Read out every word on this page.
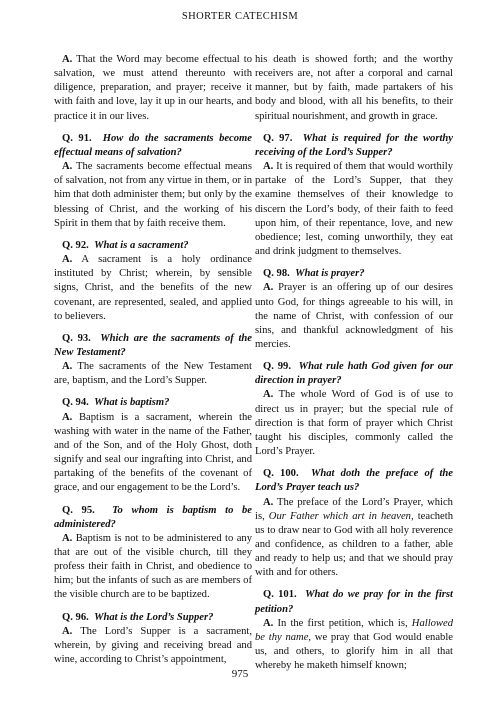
SHORTER CATECHISM

A. That the Word may become effectual to salvation, we must attend thereunto with diligence, preparation, and prayer; receive it with faith and love, lay it up in our hearts, and practice it in our lives.

Q. 91. How do the sacraments become effectual means of salvation?
A. The sacraments become effectual means of salvation, not from any virtue in them, or in him that doth administer them; but only by the blessing of Christ, and the working of his Spirit in them that by faith receive them.
Q. 92. What is a sacrament?
A. A sacrament is a holy ordinance instituted by Christ; wherein, by sensible signs, Christ, and the benefits of the new covenant, are represented, sealed, and applied to believers.
Q. 93. Which are the sacraments of the New Testament?
A. The sacraments of the New Testament are, baptism, and the Lord’s Supper.
Q. 94. What is baptism?
A. Baptism is a sacrament, wherein the washing with water in the name of the Father, and of the Son, and of the Holy Ghost, doth signify and seal our ingrafting into Christ, and partaking of the benefits of the covenant of grace, and our engagement to be the Lord’s.
Q. 95. To whom is baptism to be administered?
A. Baptism is not to be administered to any that are out of the visible church, till they profess their faith in Christ, and obedience to him; but the infants of such as are members of the visible church are to be baptized.
Q. 96. What is the Lord’s Supper?
A. The Lord’s Supper is a sacrament, wherein, by giving and receiving bread and wine, according to Christ’s appointment,

his death is showed forth; and the worthy receivers are, not after a corporal and carnal manner, but by faith, made partakers of his body and blood, with all his benefits, to their spiritual nourishment, and growth in grace.

Q. 97. What is required for the worthy receiving of the Lord’s Supper?
A. It is required of them that would worthily partake of the Lord’s Supper, that they examine themselves of their knowledge to discern the Lord’s body, of their faith to feed upon him, of their repentance, love, and new obedience; lest, coming unworthily, they eat and drink judgment to themselves.
Q. 98. What is prayer?
A. Prayer is an offering up of our desires unto God, for things agreeable to his will, in the name of Christ, with confession of our sins, and thankful acknowledgment of his mercies.
Q. 99. What rule hath God given for our direction in prayer?
A. The whole Word of God is of use to direct us in prayer; but the special rule of direction is that form of prayer which Christ taught his disciples, commonly called the Lord’s Prayer.
Q. 100. What doth the preface of the Lord’s Prayer teach us?
A. The preface of the Lord’s Prayer, which is, Our Father which art in heaven, teacheth us to draw near to God with all holy reverence and confidence, as children to a father, able and ready to help us; and that we should pray with and for others.
Q. 101. What do we pray for in the first petition?
A. In the first petition, which is, Hallowed be thy name, we pray that God would enable us, and others, to glorify him in all that whereby he maketh himself known;
975
